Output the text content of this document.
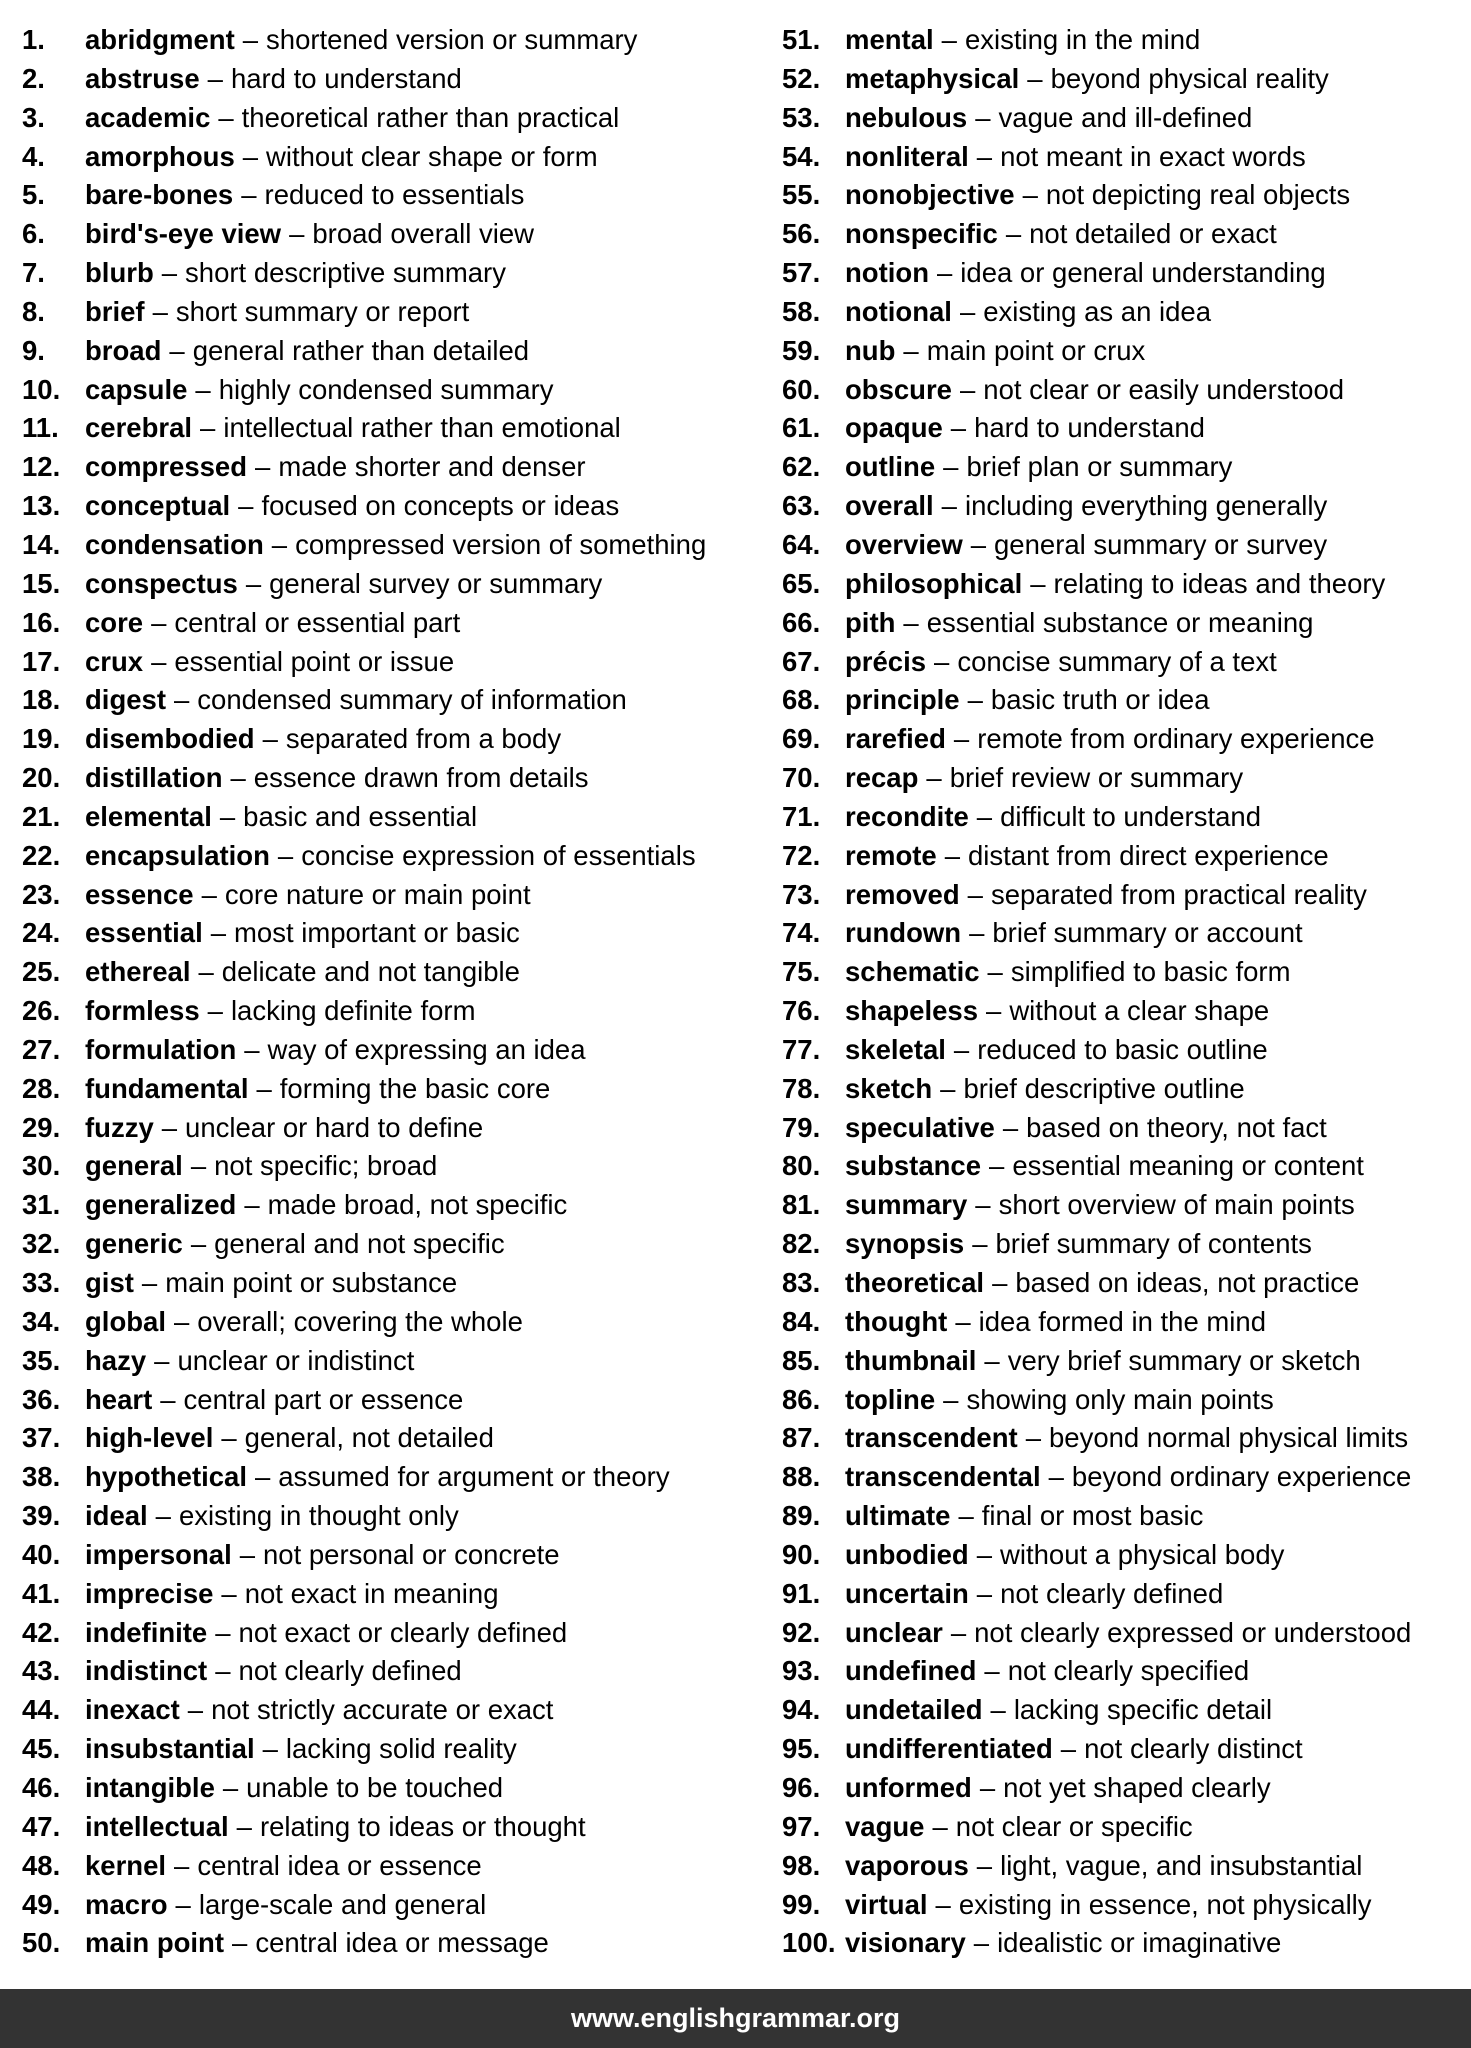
1.	abridgment – shortened version or summary
2.	abstruse – hard to understand
3.	academic – theoretical rather than practical
4.	amorphous – without clear shape or form
5.	bare-bones – reduced to essentials
6.	bird's-eye view – broad overall view
7.	blurb – short descriptive summary
8.	brief – short summary or report
9.	broad – general rather than detailed
10. capsule – highly condensed summary
11. cerebral – intellectual rather than emotional
12. compressed – made shorter and denser
13. conceptual – focused on concepts or ideas
14. condensation – compressed version of something
15. conspectus – general survey or summary
16. core – central or essential part
17. crux – essential point or issue
18. digest – condensed summary of information
19. disembodied – separated from a body
20. distillation – essence drawn from details
21. elemental – basic and essential
22. encapsulation – concise expression of essentials
23. essence – core nature or main point
24. essential – most important or basic
25. ethereal – delicate and not tangible
26. formless – lacking definite form
27. formulation – way of expressing an idea
28. fundamental – forming the basic core
29. fuzzy – unclear or hard to define
30. general – not specific; broad
31. generalized – made broad, not specific
32. generic – general and not specific
33. gist – main point or substance
34. global – overall; covering the whole
35. hazy – unclear or indistinct
36. heart – central part or essence
37. high-level – general, not detailed
38. hypothetical – assumed for argument or theory
39. ideal – existing in thought only
40. impersonal – not personal or concrete
41. imprecise – not exact in meaning
42. indefinite – not exact or clearly defined
43. indistinct – not clearly defined
44. inexact – not strictly accurate or exact
45. insubstantial – lacking solid reality
46. intangible – unable to be touched
47. intellectual – relating to ideas or thought
48. kernel – central idea or essence
49. macro – large-scale and general
50. main point – central idea or message
51. mental – existing in the mind
52. metaphysical – beyond physical reality
53. nebulous – vague and ill-defined
54. nonliteral – not meant in exact words
55. nonobjective – not depicting real objects
56. nonspecific – not detailed or exact
57. notion – idea or general understanding
58. notional – existing as an idea
59. nub – main point or crux
60. obscure – not clear or easily understood
61. opaque – hard to understand
62. outline – brief plan or summary
63. overall – including everything generally
64. overview – general summary or survey
65. philosophical – relating to ideas and theory
66. pith – essential substance or meaning
67. précis – concise summary of a text
68. principle – basic truth or idea
69. rarefied – remote from ordinary experience
70. recap – brief review or summary
71. recondite – difficult to understand
72. remote – distant from direct experience
73. removed – separated from practical reality
74. rundown – brief summary or account
75. schematic – simplified to basic form
76. shapeless – without a clear shape
77. skeletal – reduced to basic outline
78. sketch – brief descriptive outline
79. speculative – based on theory, not fact
80. substance – essential meaning or content
81. summary – short overview of main points
82. synopsis – brief summary of contents
83. theoretical – based on ideas, not practice
84. thought – idea formed in the mind
85. thumbnail – very brief summary or sketch
86. topline – showing only main points
87. transcendent – beyond normal physical limits
88. transcendental – beyond ordinary experience
89. ultimate – final or most basic
90. unbodied – without a physical body
91. uncertain – not clearly defined
92. unclear – not clearly expressed or understood
93. undefined – not clearly specified
94. undetailed – lacking specific detail
95. undifferentiated – not clearly distinct
96. unformed – not yet shaped clearly
97. vague – not clear or specific
98. vaporous – light, vague, and insubstantial
99. virtual – existing in essence, not physically
100. visionary – idealistic or imaginative
www.englishgrammar.org
